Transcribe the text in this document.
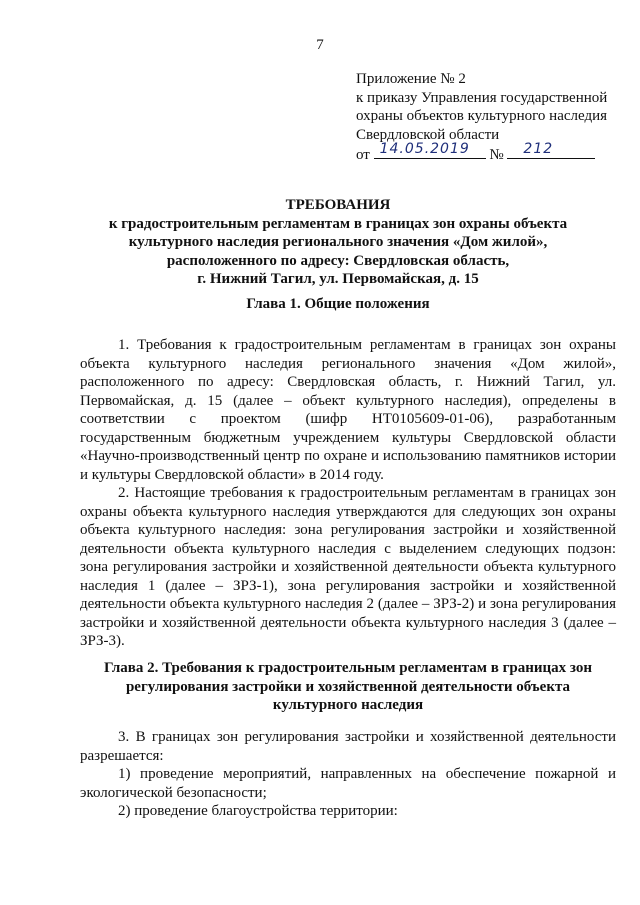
7
Приложение № 2
к приказу Управления государственной
охраны объектов культурного наследия
Свердловской области
от 14.05.2019 № 212
ТРЕБОВАНИЯ
к градостроительным регламентам в границах зон охраны объекта
культурного наследия регионального значения «Дом жилой»,
расположенного по адресу: Свердловская область,
г. Нижний Тагил, ул. Первомайская, д. 15
Глава 1. Общие положения

1. Требования к градостроительным регламентам в границах зон охраны объекта культурного наследия регионального значения «Дом жилой», расположенного по адресу: Свердловская область, г. Нижний Тагил, ул. Первомайская, д. 15 (далее – объект культурного наследия), определены в соответствии с проектом (шифр НТ0105609-01-06), разработанным государственным бюджетным учреждением культуры Свердловской области «Научно-производственный центр по охране и использованию памятников истории и культуры Свердловской области» в 2014 году.

2. Настоящие требования к градостроительным регламентам в границах зон охраны объекта культурного наследия утверждаются для следующих зон охраны объекта культурного наследия: зона регулирования застройки и хозяйственной деятельности объекта культурного наследия с выделением следующих подзон: зона регулирования застройки и хозяйственной деятельности объекта культурного наследия 1 (далее – ЗРЗ-1), зона регулирования застройки и хозяйственной деятельности объекта культурного наследия 2 (далее – ЗРЗ-2) и зона регулирования застройки и хозяйственной деятельности объекта культурного наследия 3 (далее – ЗРЗ-3).

Глава 2. Требования к градостроительным регламентам в границах зон
регулирования застройки и хозяйственной деятельности объекта
культурного наследия

3. В границах зон регулирования застройки и хозяйственной деятельности разрешается:

1) проведение мероприятий, направленных на обеспечение пожарной и экологической безопасности;

2) проведение благоустройства территории:
